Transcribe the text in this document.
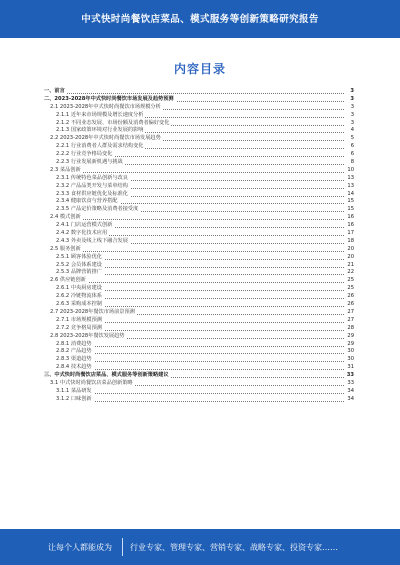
中式快时尚餐饮店菜品、模式服务等创新策略研究报告
内容目录
一、前言	3
二、2023-2028年中式快时尚餐饮市场发展及趋势预测	3
2.1 2023-2028年中式快时尚餐饮市场规模分析	3
2.1.1 近年来市场规模及增长速度分析	3
2.1.2 不同业态发展、市场份额及消费者偏好变化	3
2.1.3 国家政策环境对行业发展的影响	4
2.2 2023-2028年中式快时尚餐饮市场发展趋势	5
2.2.1 行业消费者人群及需求结构变化	6
2.2.2 行业竞争格局变化	6
2.2.3 行业发展新机遇与挑战	8
2.3 菜品创新	10
2.3.1 传统特色菜品创新与改良	13
2.3.2 产品品类开发与菜单结构	13
2.3.3 食材供应链优化及标准化	14
2.3.4 健康饮食与营养搭配	15
2.3.5 产品定价策略及消费者接受度	15
2.4 模式创新	16
2.4.1 门店运营模式创新	16
2.4.2 数字化技术应用	17
2.4.3 外卖及线上线下融合发展	18
2.5 服务创新	20
2.5.1 顾客体验优化	20
2.5.2 会员体系建设	21
2.5.3 品牌营销推广	22
2.6 供应链创新	25
2.6.1 中央厨房建设	25
2.6.2 冷链物流体系	26
2.6.3 采购成本控制	26
2.7 2023-2028年餐饮市场前景预测	27
2.7.1 市场规模预测	27
2.7.2 竞争格局预测	28
2.8 2023-2028年餐饮发展趋势	29
2.8.1 消费趋势	29
2.8.2 产品趋势	30
2.8.3 渠道趋势	30
2.8.4 技术趋势	31
三、中式快时尚餐饮店菜品、模式服务等创新策略建议	33
3.1 中式快时尚餐饮店菜品创新策略	33
3.1.1 菜品研发	34
3.1.2 口味创新	34
让每个人都能成为 行业专家、管理专家、营销专家、战略专家、投资专家……
